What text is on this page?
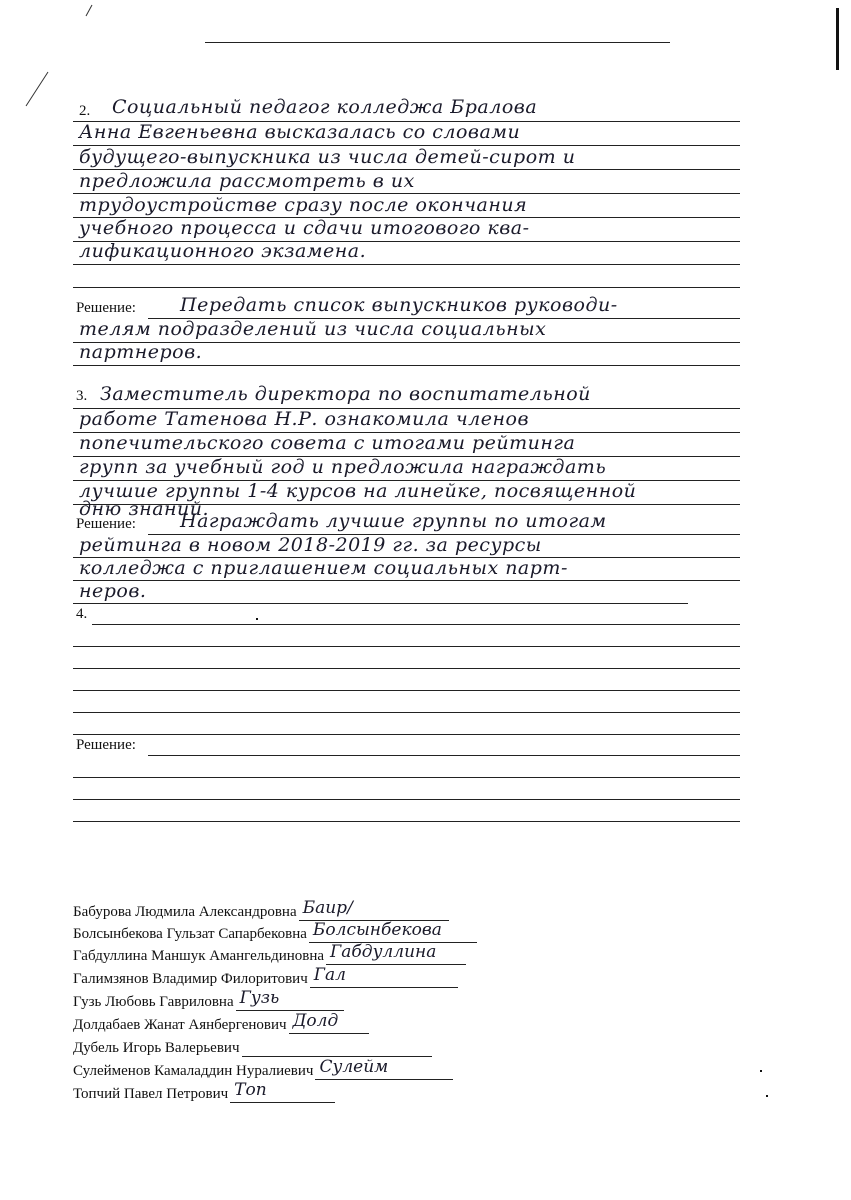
2. Социальный педагог колледжа Бралова
Анна Евгеньевна высказалась со словами
будущего-выпускника из числа детей-сирот и
предложила рассмотреть в их
трудоустройстве сразу после окончания
учебного процесса и сдачи итогового ква-
лификационного экзамена.
Решение: Передать список выпускников руководи-
телям подразделений из числа социальных
партнеров.
3. Заместитель директора по воспитательной
работе Татенова Н.Р. ознакомила членов
попечительского совета с итогами рейтинга
групп за учебный год и предложила награждать
лучшие группы 1-4 курсов на линейке, посвященной
дню знаний.
Решение: Награждать лучшие группы по итогам
рейтинга в новом 2018-2019 гг. за ресурсы
колледжа с приглашением социальных парт-
неров.
4.
Решение:
Бабурова Людмила Александровна Баир/
Болсынбекова Гульзат Сапарбековна Болсынбекова
Габдуллина Маншук Амангельдиновна Габдуллина
Галимзянов Владимир Филоритович Гал
Гузь Любовь Гавриловна Гузь
Долдабаев Жанат Аянбергенович Долд
Дубель Игорь Валерьевич
Сулейменов Камаладдин Нуралиевич Сулейм
Топчий Павел Петрович Топ
